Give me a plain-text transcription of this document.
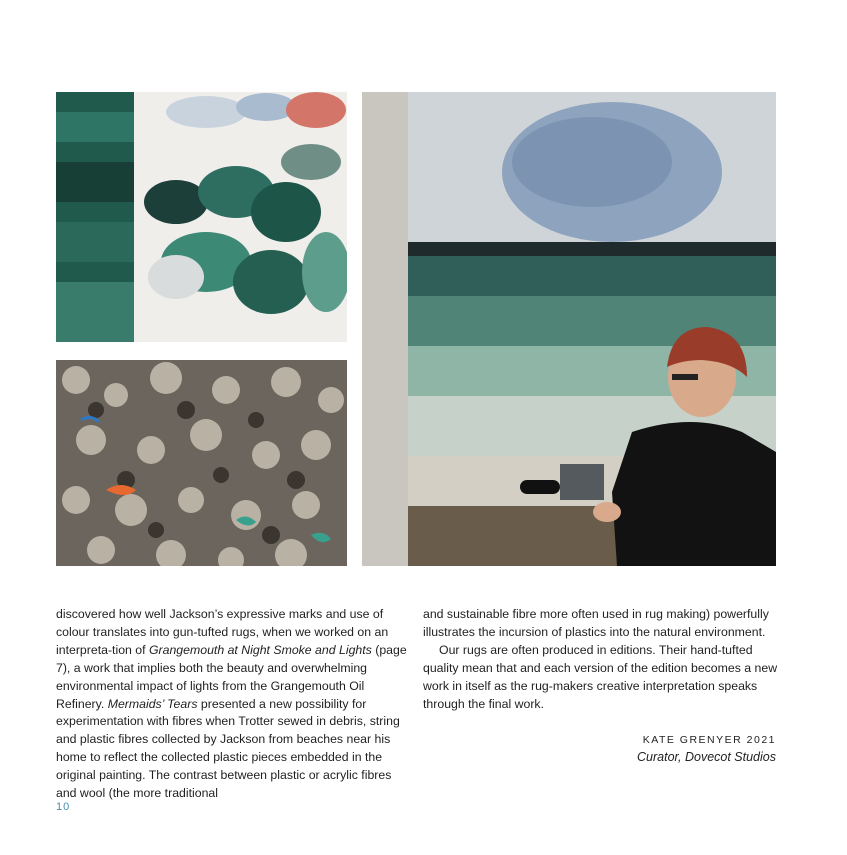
discovered how well Jackson’s expressive marks and use of colour translates into gun-tufted rugs, when we worked on an interpreta-tion of Grangemouth at Night Smoke and Lights (page 7), a work that implies both the beauty and overwhelming environmental impact of lights from the Grangemouth Oil Refinery. Mermaids’ Tears presented a new possibility for experimentation with fibres when Trotter sewed in debris, string and plastic fibres collected by Jackson from beaches near his home to reflect the collected plastic pieces embedded in the original painting. The contrast between plastic or acrylic fibres and wool (the more traditional

and sustainable fibre more often used in rug making) powerfully illustrates the incursion of plastics into the natural environment.

Our rugs are often produced in editions. Their hand-tufted quality mean that and each version of the edition becomes a new work in itself as the rug-makers creative interpretation speaks through the final work.

KATE GRENYER 2021
Curator, Dovecot Studios
10
